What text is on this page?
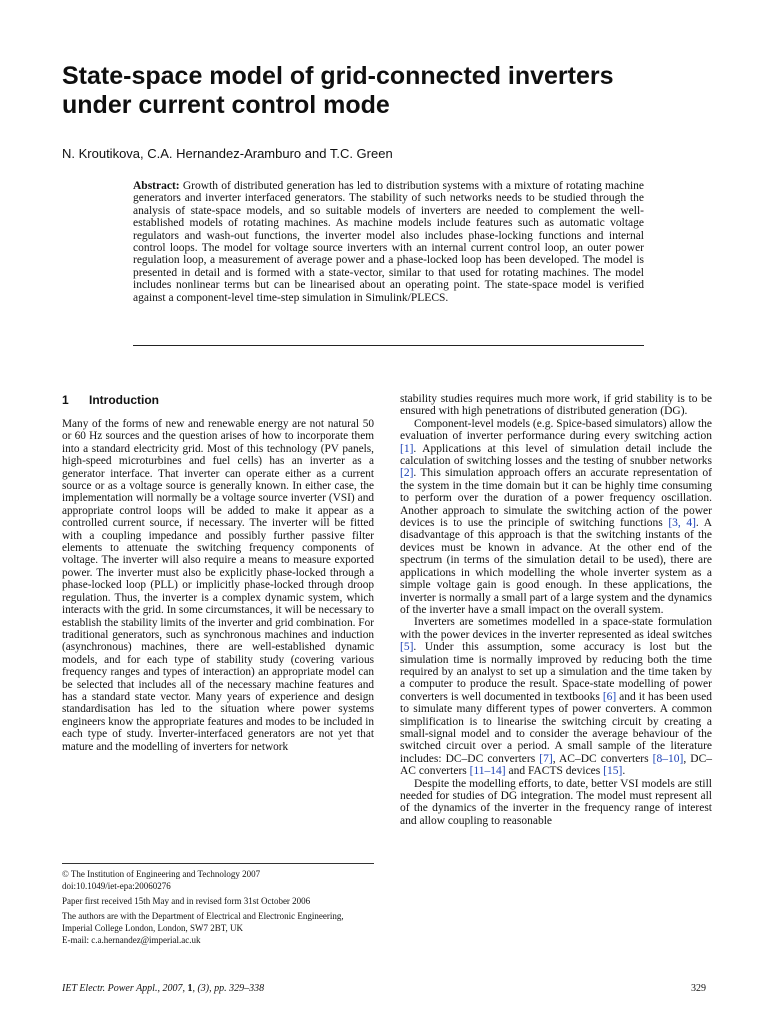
State-space model of grid-connected inverters
under current control mode
N. Kroutikova, C.A. Hernandez-Aramburo and T.C. Green

Abstract: Growth of distributed generation has led to distribution systems with a mixture of rotating machine generators and inverter interfaced generators. The stability of such networks needs to be studied through the analysis of state-space models, and so suitable models of inverters are needed to complement the well-established models of rotating machines. As machine models include features such as automatic voltage regulators and wash-out functions, the inverter model also includes phase-locking functions and internal control loops. The model for voltage source inverters with an internal current control loop, an outer power regulation loop, a measurement of average power and a phase-locked loop has been developed. The model is presented in detail and is formed with a state-vector, similar to that used for rotating machines. The model includes nonlinear terms but can be linearised about an operating point. The state-space model is verified against a component-level time-step simulation in Simulink/PLECS.

1 Introduction

Many of the forms of new and renewable energy are not natural 50 or 60 Hz sources and the question arises of how to incorporate them into a standard electricity grid. Most of this technology (PV panels, high-speed microturbines and fuel cells) has an inverter as a generator interface. That inverter can operate either as a current source or as a voltage source is generally known. In either case, the implementation will normally be a voltage source inverter (VSI) and appropriate control loops will be added to make it appear as a controlled current source, if necessary. The inverter will be fitted with a coupling impedance and possibly further passive filter elements to attenuate the switching frequency components of voltage. The inverter will also require a means to measure exported power. The inverter must also be explicitly phase-locked through a phase-locked loop (PLL) or implicitly phase-locked through droop regulation. Thus, the inverter is a complex dynamic system, which interacts with the grid. In some circumstances, it will be necessary to establish the stability limits of the inverter and grid combination. For traditional generators, such as synchronous machines and induction (asynchronous) machines, there are well-established dynamic models, and for each type of stability study (covering various frequency ranges and types of interaction) an appropriate model can be selected that includes all of the necessary machine features and has a standard state vector. Many years of experience and design standardisation has led to the situation where power systems engineers know the appropriate features and modes to be included in each type of study. Inverter-interfaced generators are not yet that mature and the modelling of inverters for network

stability studies requires much more work, if grid stability is to be ensured with high penetrations of distributed generation (DG).

Component-level models (e.g. Spice-based simulators) allow the evaluation of inverter performance during every switching action [1]. Applications at this level of simulation detail include the calculation of switching losses and the testing of snubber networks [2]. This simulation approach offers an accurate representation of the system in the time domain but it can be highly time consuming to perform over the duration of a power frequency oscillation. Another approach to simulate the switching action of the power devices is to use the principle of switching functions [3, 4]. A disadvantage of this approach is that the switching instants of the devices must be known in advance. At the other end of the spectrum (in terms of the simulation detail to be used), there are applications in which modelling the whole inverter system as a simple voltage gain is good enough. In these applications, the inverter is normally a small part of a large system and the dynamics of the inverter have a small impact on the overall system.

Inverters are sometimes modelled in a space-state formulation with the power devices in the inverter represented as ideal switches [5]. Under this assumption, some accuracy is lost but the simulation time is normally improved by reducing both the time required by an analyst to set up a simulation and the time taken by a computer to produce the result. Space-state modelling of power converters is well documented in textbooks [6] and it has been used to simulate many different types of power converters. A common simplification is to linearise the switching circuit by creating a small-signal model and to consider the average behaviour of the switched circuit over a period. A small sample of the literature includes: DC–DC converters [7], AC–DC converters [8–10], DC–AC converters [11–14] and FACTS devices [15].

Despite the modelling efforts, to date, better VSI models are still needed for studies of DG integration. The model must represent all of the dynamics of the inverter in the frequency range of interest and allow coupling to reasonable

© The Institution of Engineering and Technology 2007
doi:10.1049/iet-epa:20060276
Paper first received 15th May and in revised form 31st October 2006
The authors are with the Department of Electrical and Electronic Engineering, Imperial College London, London, SW7 2BT, UK
E-mail: c.a.hernandez@imperial.ac.uk
IET Electr. Power Appl., 2007, 1, (3), pp. 329–338	329
